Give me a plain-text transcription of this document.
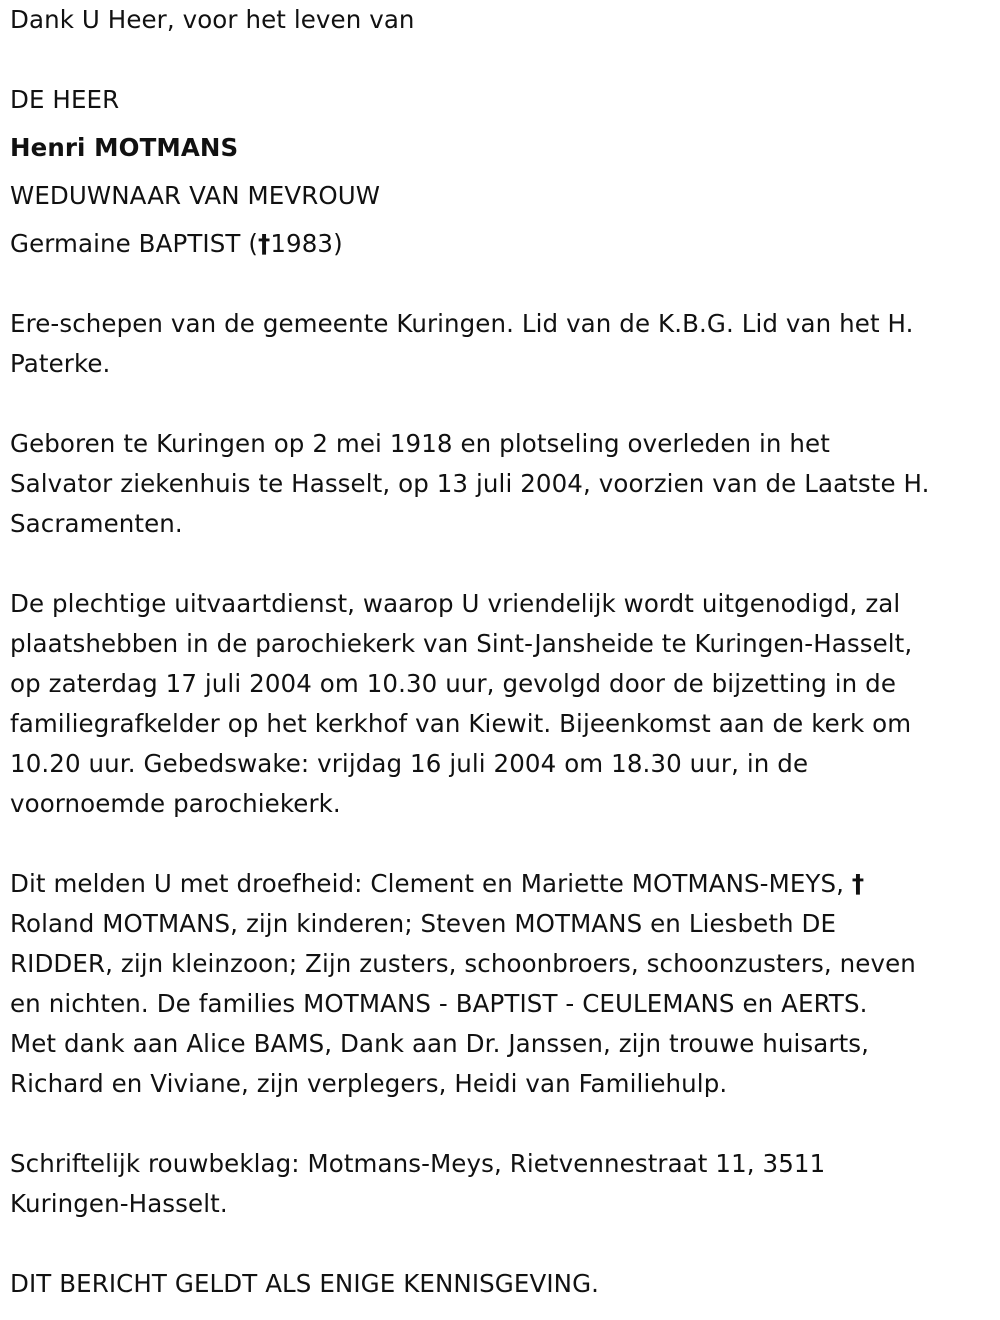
Dank U Heer, voor het leven van

DE HEER

Henri MOTMANS

WEDUWNAAR VAN MEVROUW

Germaine BAPTIST (†1983)

Ere-schepen van de gemeente Kuringen. Lid van de K.B.G. Lid van het H.

Paterke.

Geboren te Kuringen op 2 mei 1918 en plotseling overleden in het

Salvator ziekenhuis te Hasselt, op 13 juli 2004, voorzien van de Laatste H.

Sacramenten.

De plechtige uitvaartdienst, waarop U vriendelijk wordt uitgenodigd, zal

plaatshebben in de parochiekerk van Sint-Jansheide te Kuringen-Hasselt,

op zaterdag 17 juli 2004 om 10.30 uur, gevolgd door de bijzetting in de

familiegrafkelder op het kerkhof van Kiewit. Bijeenkomst aan de kerk om

10.20 uur. Gebedswake: vrijdag 16 juli 2004 om 18.30 uur, in de

voornoemde parochiekerk.

Dit melden U met droefheid: Clement en Mariette MOTMANS-MEYS, †

Roland MOTMANS, zijn kinderen; Steven MOTMANS en Liesbeth DE

RIDDER, zijn kleinzoon; Zijn zusters, schoonbroers, schoonzusters, neven

en nichten. De families MOTMANS - BAPTIST - CEULEMANS en AERTS.

Met dank aan Alice BAMS, Dank aan Dr. Janssen, zijn trouwe huisarts,

Richard en Viviane, zijn verplegers, Heidi van Familiehulp.

Schriftelijk rouwbeklag: Motmans-Meys, Rietvennestraat 11, 3511

Kuringen-Hasselt.

DIT BERICHT GELDT ALS ENIGE KENNISGEVING.
